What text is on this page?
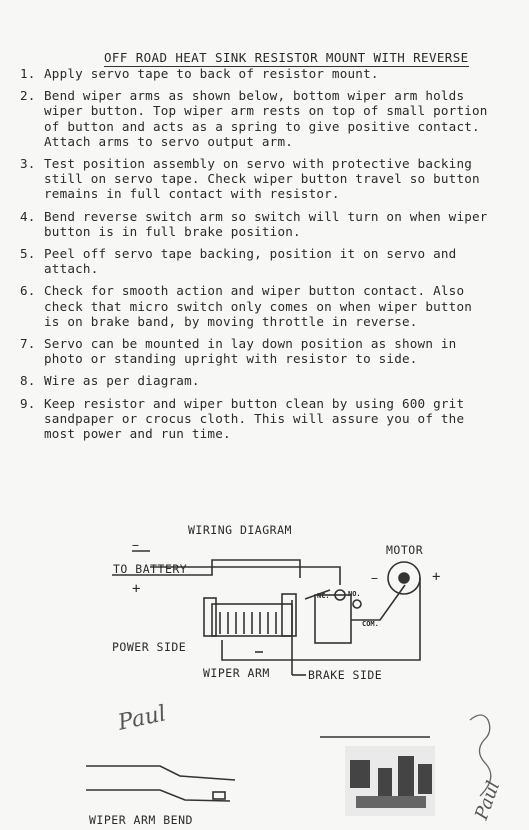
OFF ROAD HEAT SINK RESISTOR MOUNT WITH REVERSE
1. Apply servo tape to back of resistor mount.
2. Bend wiper arms as shown below, bottom wiper arm holds
wiper button. Top wiper arm rests on top of small portion
of button and acts as a spring to give positive contact.
Attach arms to servo output arm.
3. Test position assembly on servo with protective backing
still on servo tape. Check wiper button travel so button
remains in full contact with resistor.
4. Bend reverse switch arm so switch will turn on when wiper
button is in full brake position.
5. Peel off servo tape backing, position it on servo and
attach.
6. Check for smooth action and wiper button contact. Also
check that micro switch only comes on when wiper button
is on brake band, by moving throttle in reverse.
7. Servo can be mounted in lay down position as shown in
photo or standing upright with resistor to side.
8. Wire as per diagram.
9. Keep resistor and wiper button clean by using 600 grit
sandpaper or crocus cloth. This will assure you of the
most power and run time.
WIRING DIAGRAM
−
TO BATTERY
+
MOTOR
−	+
NC.	NO.
COM.
POWER SIDE
WIPER ARM	BRAKE SIDE
WIPER ARM BEND
Paul
Paul
